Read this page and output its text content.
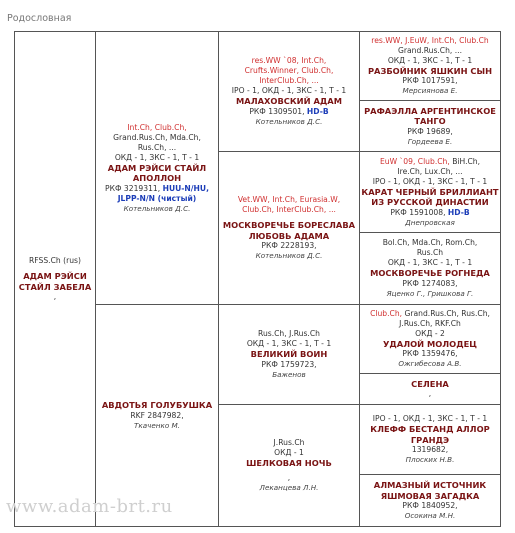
Родословная
RFSS.Ch (rus)
АДАМ РЭЙСИ
СТАЙЛ ЗАБЕЛА
,
Int.Ch, Club.Ch,
Grand.Rus.Ch, Mda.Ch,
Rus.Ch, ...
ОКД - 1, ЗКС - 1, Т - 1
АДАМ РЭЙСИ СТАЙЛ
АПОЛЛОН
РКФ 3219311, HUU-N/HU,
JLPP-N/N (чистый)
Котельников Д.С.
АВДОТЬЯ ГОЛУБУШКА
RKF 2847982,
Ткаченко М.
res.WW `08, Int.Ch,
Crufts.Winner, Club.Ch,
InterClub.Ch, ...
IPO - 1, ОКД - 1, ЗКС - 1, Т - 1
МАЛАХОВСКИЙ АДАМ
РКФ 1309501, HD-B
Котельников Д.С.
Vet.WW, Int.Ch, Eurasia.W,
Club.Ch, InterClub.Ch, ...
МОСКВОРЕЧЬЕ БОРЕСЛАВА
ЛЮБОВЬ АДАМА
РКФ 2228193,
Котельников Д.С.
Rus.Ch, J.Rus.Ch
ОКД - 1, ЗКС - 1, Т - 1
ВЕЛИКИЙ ВОИН
РКФ 1759723,
Баженов
J.Rus.Ch
ОКД - 1
ШЕЛКОВАЯ НОЧЬ
,
Леканцева Л.Н.
res.WW, J.EuW, Int.Ch, Club.Ch
Grand.Rus.Ch, ...
ОКД - 1, ЗКС - 1, Т - 1
РАЗБОЙНИК ЯШКИН СЫН
РКФ 1017591,
Мерсиянова Е.
РАФАЭЛЛА АРГЕНТИНСКОЕ
ТАНГО
РКФ 19689,
Гордеева Е.
EuW `09, Club.Ch, BiH.Ch,
Ire.Ch, Lux.Ch, ...
IPO - 1, ОКД - 1, ЗКС - 1, Т - 1
КАРАТ ЧЕРНЫЙ БРИЛЛИАНТ
ИЗ РУССКОЙ ДИНАСТИИ
РКФ 1591008, HD-B
Днепровская
Bol.Ch, Mda.Ch, Rom.Ch,
Rus.Ch
ОКД - 1, ЗКС - 1, Т - 1
МОСКВОРЕЧЬЕ РОГНЕДА
РКФ 1274083,
Яценко Г., Гришкова Г.
Club.Ch, Grand.Rus.Ch, Rus.Ch,
J.Rus.Ch, RKF.Ch
ОКД - 2
УДАЛОЙ МОЛОДЕЦ
РКФ 1359476,
Ожгибесова А.В.
СЕЛЕНА
,
IPO - 1, ОКД - 1, ЗКС - 1, Т - 1
КЛЕФФ БЕСТАНД АЛЛОР
ГРАНДЭ
1319682,
Плоских Н.В.
АЛМАЗНЫЙ ИСТОЧНИК
ЯШМОВАЯ ЗАГАДКА
РКФ 1840952,
Осокина М.Н.
www.adam-brt.ru
